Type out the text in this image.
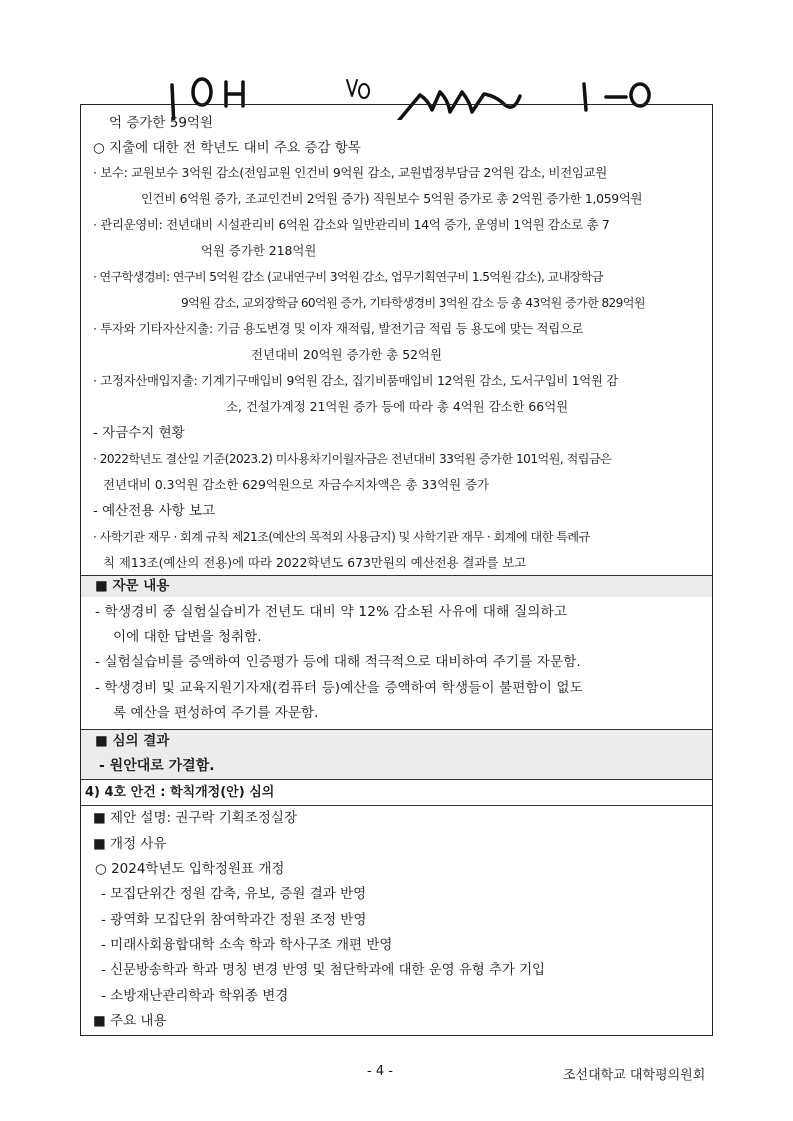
10 ㅂ
억 증가한 59억원
○ 지출에 대한 전 학년도 대비 주요 증감 항목
· 보수: 교원보수 3억원 감소(전임교원 인건비 9억원 감소, 교원법정부담금 2억원 감소, 비전임교원
인건비 6억원 증가, 조교인건비 2억원 증가) 직원보수 5억원 증가로 총 2억원 증가한 1,059억원
· 관리운영비: 전년대비 시설관리비 6억원 감소와 일반관리비 14억 증가, 운영비 1억원 감소로 총 7
억원 증가한 218억원
· 연구학생경비: 연구비 5억원 감소 (교내연구비 3억원 감소, 업무기획연구비 1.5억원 감소), 교내장학금
9억원 감소, 교외장학금 60억원 증가, 기타학생경비 3억원 감소 등 총 43억원 증가한 829억원
· 투자와 기타자산지출: 기금 용도변경 및 이자 재적립, 발전기금 적립 등 용도에 맞는 적립으로
전년대비 20억원 증가한 총 52억원
· 고정자산매입지출: 기계기구매입비 9억원 감소, 집기비품매입비 12억원 감소, 도서구입비 1억원 감
소, 건설가계정 21억원 증가 등에 따라 총 4억원 감소한 66억원
- 자금수지 현황
· 2022학년도 결산일 기준(2023.2) 미사용차기이월자금은 전년대비 33억원 증가한 101억원, 적립금은
전년대비 0.3억원 감소한 629억원으로 자금수지차액은 총 33억원 증가
- 예산전용 사항 보고
· 사학기관 재무 · 회계 규칙 제21조(예산의 목적외 사용금지) 및 사학기관 재무 · 회계에 대한 특례규
칙 제13조(예산의 전용)에 따라 2022학년도 673만원의 예산전용 결과를 보고
■ 자문 내용
- 학생경비 중 실험실습비가 전년도 대비 약 12% 감소된 사유에 대해 질의하고
이에 대한 답변을 청취함.
- 실험실습비를 증액하여 인증평가 등에 대해 적극적으로 대비하여 주기를 자문함.
- 학생경비 및 교육지원기자재(컴퓨터 등)예산을 증액하여 학생들이 불편함이 없도
록 예산을 편성하여 주기를 자문함.
■ 심의 결과
- 원안대로 가결함.
4) 4호 안건 : 학칙개정(안) 심의
■ 제안 설명: 권구락 기획조정실장
■ 개정 사유
○ 2024학년도 입학정원표 개정
- 모집단위간 정원 감축, 유보, 증원 결과 반영
- 광역화 모집단위 참여학과간 정원 조정 반영
- 미래사회융합대학 소속 학과 학사구조 개편 반영
- 신문방송학과 학과 명칭 변경 반영 및 첨단학과에 대한 운영 유형 추가 기입
- 소방재난관리학과 학위종 변경
■ 주요 내용
- 4 -	조선대학교 대학평의원회
